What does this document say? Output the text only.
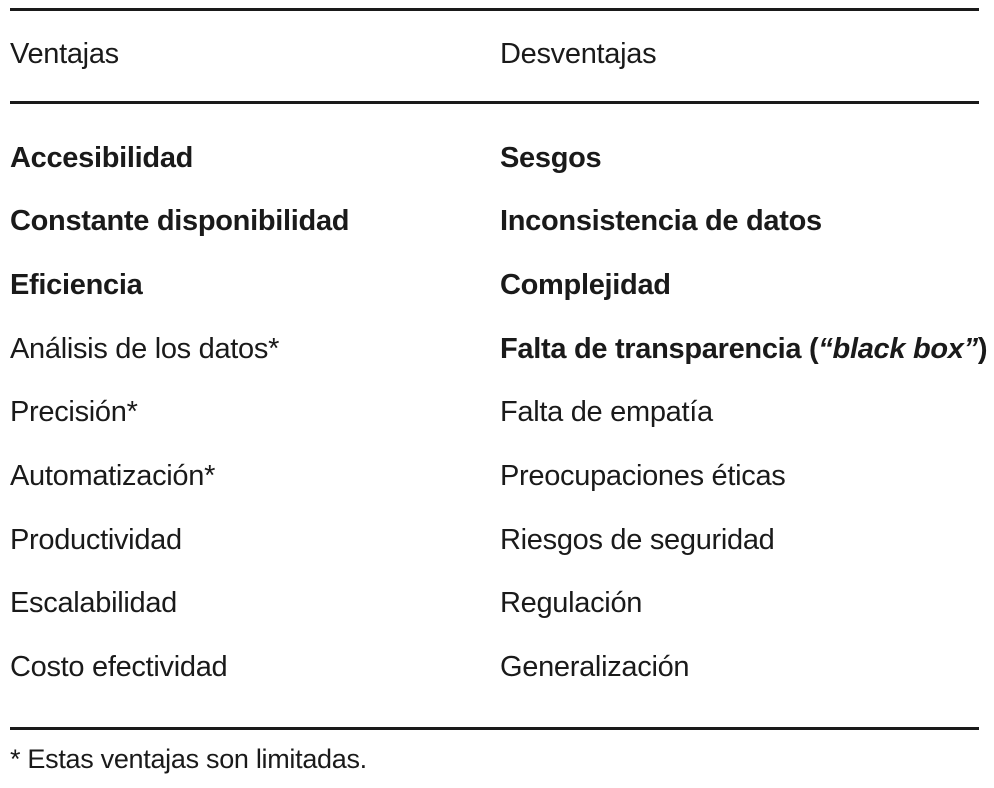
Ventajas	Desventajas
Accesibilidad	Sesgos
Constante disponibilidad	Inconsistencia de datos
Eficiencia	Complejidad
Análisis de los datos*	Falta de transparencia (“black box”)
Precisión*	Falta de empatía
Automatización*	Preocupaciones éticas
Productividad	Riesgos de seguridad
Escalabilidad	Regulación
Costo efectividad	Generalización
* Estas ventajas son limitadas.
